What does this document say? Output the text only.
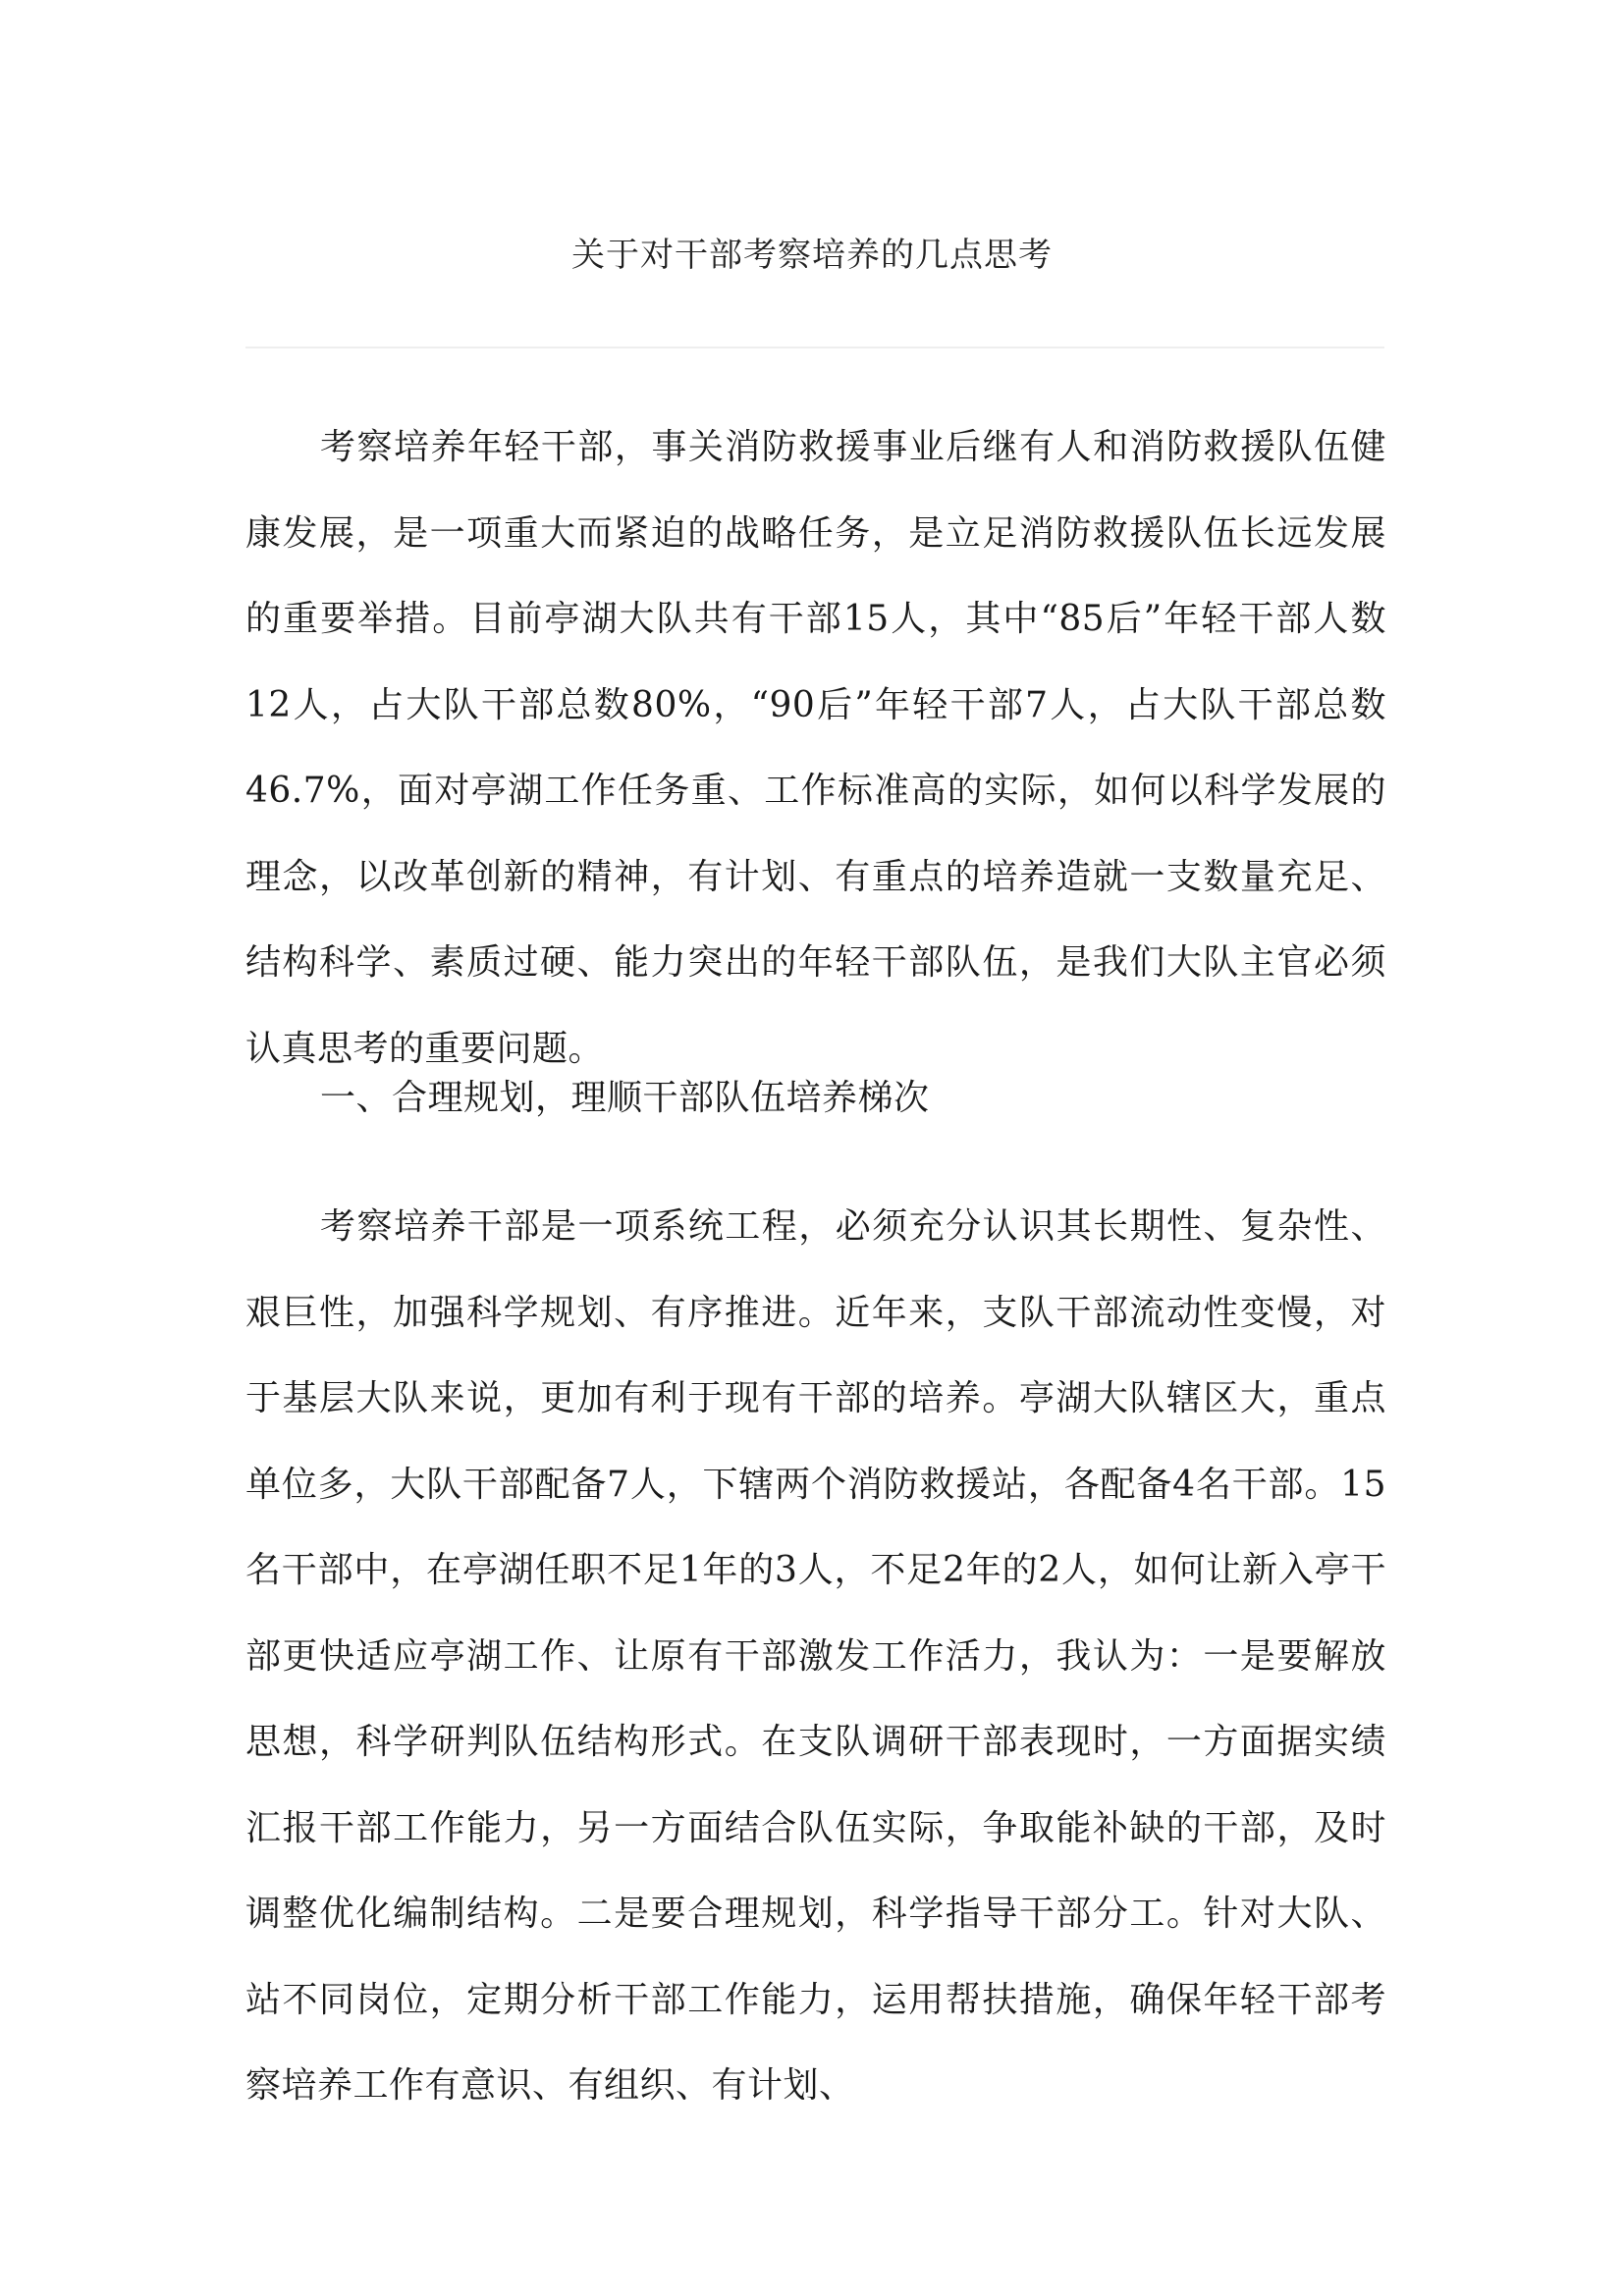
关于对干部考察培养的几点思考
考察培养年轻干部，事关消防救援事业后继有人和消防救援队伍健康发展，是一项重大而紧迫的战略任务，是立足消防救援队伍长远发展的重要举措。目前亭湖大队共有干部15人，其中“85后”年轻干部人数12人，占大队干部总数80%，“90后”年轻干部7人，占大队干部总数46.7%，面对亭湖工作任务重、工作标准高的实际，如何以科学发展的理念，以改革创新的精神，有计划、有重点的培养造就一支数量充足、结构科学、素质过硬、能力突出的年轻干部队伍，是我们大队主官必须认真思考的重要问题。
一、合理规划，理顺干部队伍培养梯次
考察培养干部是一项系统工程，必须充分认识其长期性、复杂性、艰巨性，加强科学规划、有序推进。近年来，支队干部流动性变慢，对于基层大队来说，更加有利于现有干部的培养。亭湖大队辖区大，重点单位多，大队干部配备7人，下辖两个消防救援站，各配备4名干部。15名干部中，在亭湖任职不足1年的3人，不足2年的2人，如何让新入亭干部更快适应亭湖工作、让原有干部激发工作活力，我认为：一是要解放思想，科学研判队伍结构形式。在支队调研干部表现时，一方面据实绩汇报干部工作能力，另一方面结合队伍实际，争取能补缺的干部，及时调整优化编制结构。二是要合理规划，科学指导干部分工。针对大队、站不同岗位，定期分析干部工作能力，运用帮扶措施，确保年轻干部考察培养工作有意识、有组织、有计划、
